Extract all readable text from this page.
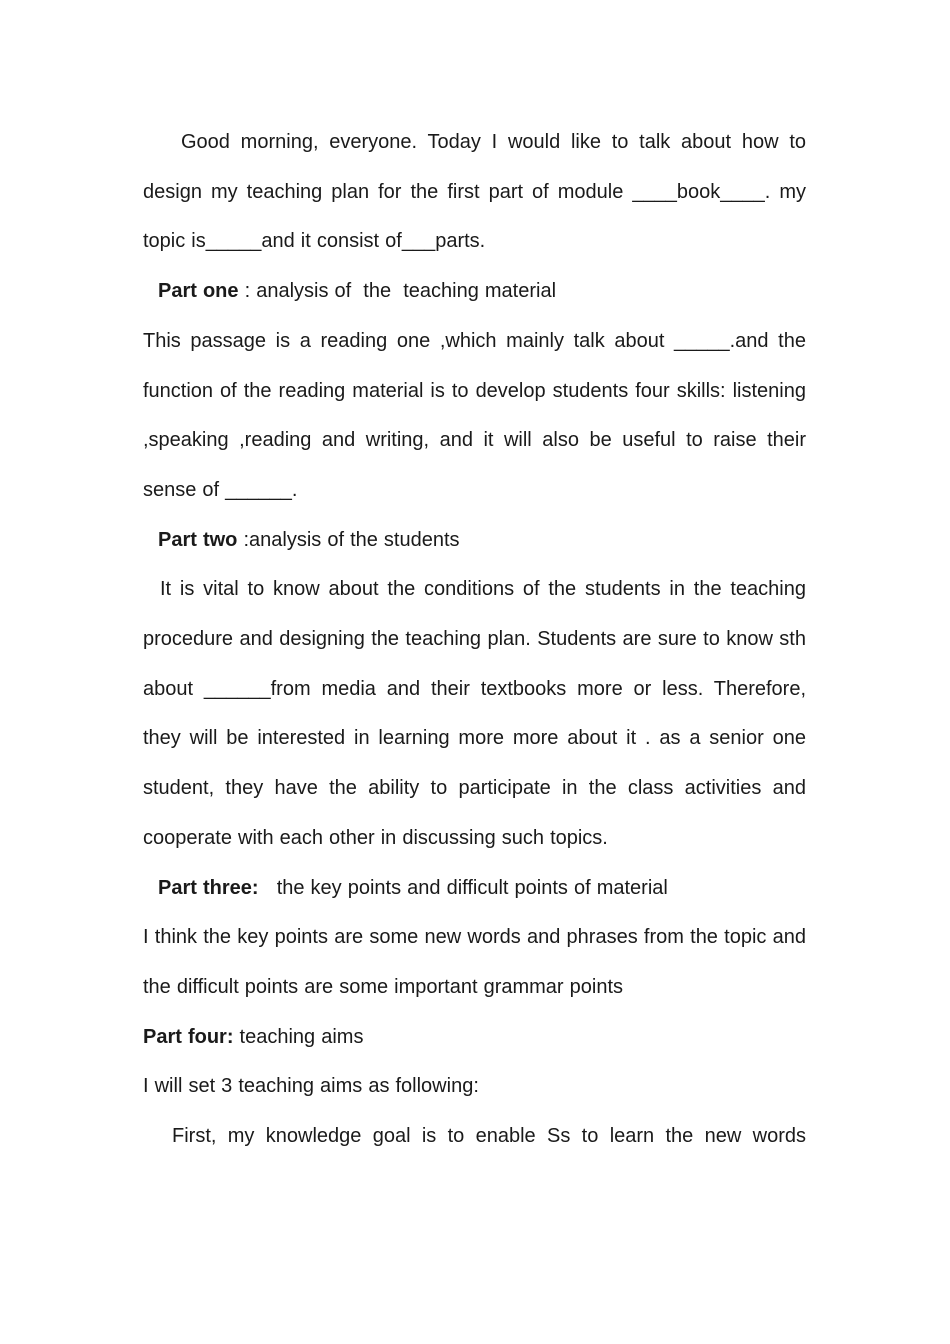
Good morning, everyone. Today I would like to talk about how to design my teaching plan for the first part of module ____book____. my topic is_____and it consist of___parts.

Part one : analysis of  the  teaching material

This passage is a reading one ,which mainly talk about _____.and the function of the reading material is to develop students four skills: listening ,speaking ,reading and writing, and it will also be useful to raise their sense of ______.

Part two :analysis of the students

It is vital to know about the conditions of the students in the teaching procedure and designing the teaching plan. Students are sure to know sth about ______from media and their textbooks more or less. Therefore, they will be interested in learning more more about it . as a senior one student, they have the ability to participate in the class activities and cooperate with each other in discussing such topics.

Part three:   the key points and difficult points of material

I think the key points are some new words and phrases from the topic and the difficult points are some important grammar points

Part four: teaching aims

I will set 3 teaching aims as following:

First, my knowledge goal is to enable Ss to learn the new words
